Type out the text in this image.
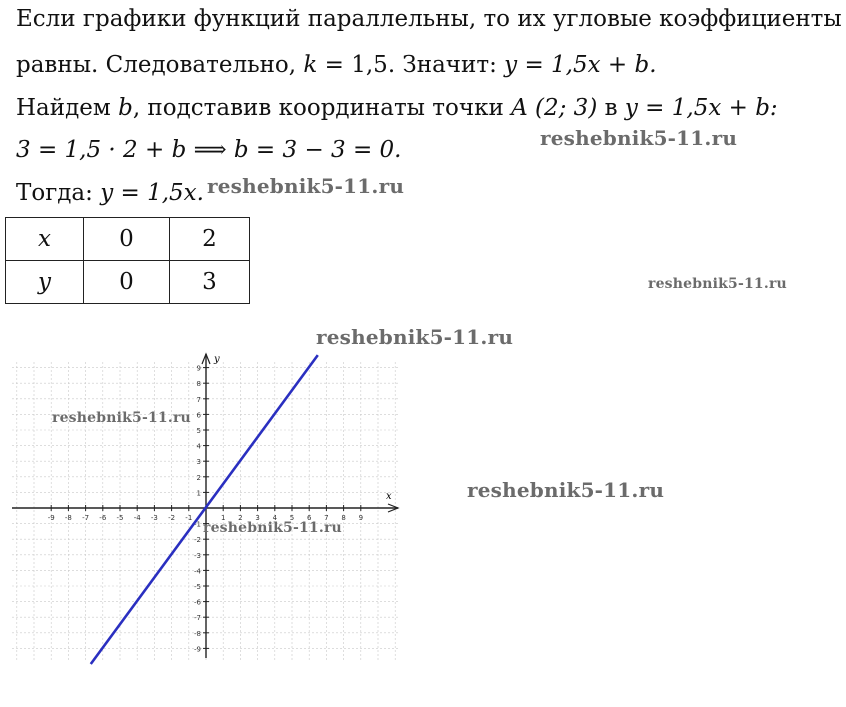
Если графики функций параллельны, то их угловые коэффициенты
равны. Следовательно, k = 1,5. Значит: y = 1,5x + b.
Найдем b, подставив координаты точки A (2; 3) в y = 1,5x + b:
3 = 1,5 · 2 + b ⟹ b = 3 − 3 = 0.
Тогда: y = 1,5x.
x	0	2
y	0	3
-9 -8 -7 -6 -5 -4 -3 -2 -1	1 2 3 4 5 6 7 8 9
9
8
7
6
5
4
3
2
1
-1
-2
-3
-4
-5
-6
-7
-8
-9
x
y
reshebnik5-11.ru
reshebnik5-11.ru
reshebnik5-11.ru
reshebnik5-11.ru
reshebnik5-11.ru
reshebnik5-11.ru
reshebnik5-11.ru
